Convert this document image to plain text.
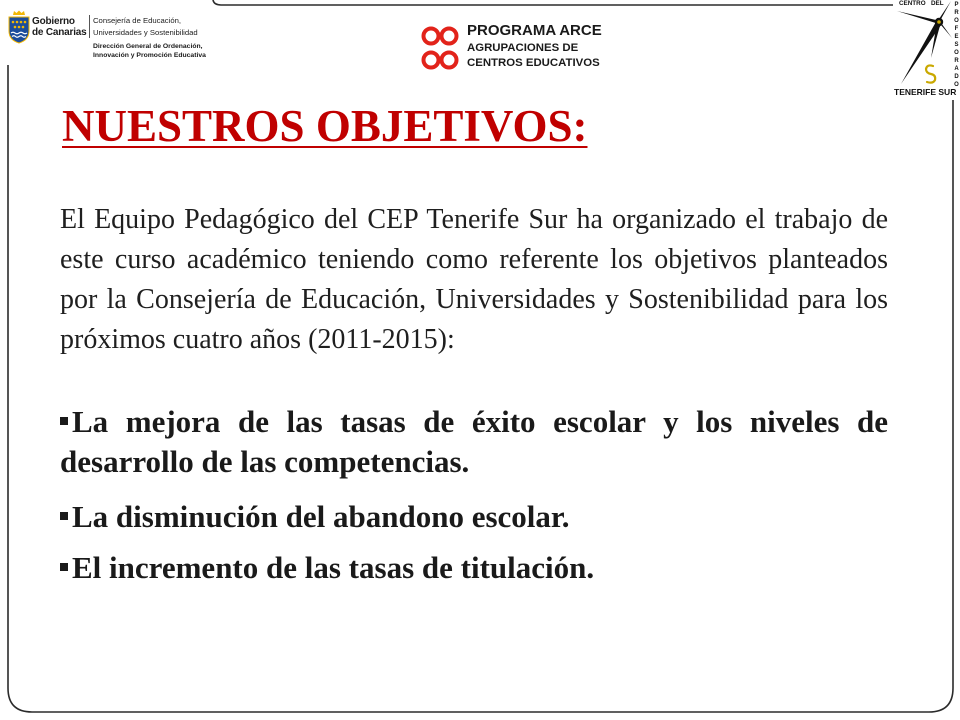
Gobierno
de Canarias
Consejería de Educación,
Universidades y Sostenibilidad
Dirección General de Ordenación,
Innovación y Promoción Educativa
PROGRAMA ARCE
AGRUPACIONES DE
CENTROS EDUCATIVOS
CENTRO DEL P
R
O
F
E
S
O
R
A
D
O
TENERIFE SUR
NUESTROS OBJETIVOS:
El Equipo Pedagógico del CEP Tenerife Sur ha organizado el trabajo de
este curso académico teniendo como referente los objetivos planteados
por la Consejería de Educación, Universidades y Sostenibilidad para los
próximos cuatro años (2011-2015):
La mejora de las tasas de éxito escolar y los niveles de
desarrollo de las competencias.
La disminución del abandono escolar.
El incremento de las tasas de titulación.
